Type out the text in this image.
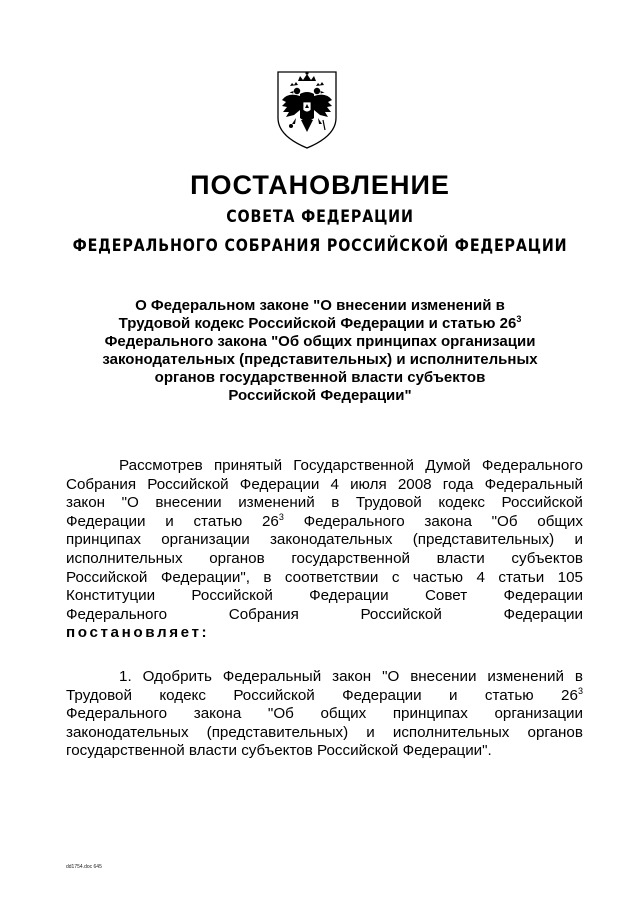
ПОСТАНОВЛЕНИЕ
СОВЕТА ФЕДЕРАЦИИ
ФЕДЕРАЛЬНОГО СОБРАНИЯ РОССИЙСКОЙ ФЕДЕРАЦИИ
О Федеральном законе "О внесении изменений в
Трудовой кодекс Российской Федерации и статью $26^3$
Федерального закона "Об общих принципах организации
законодательных (представительных) и исполнительных
органов государственной власти субъектов
Российской Федерации"
Рассмотрев принятый Государственной Думой Федерального
Собрания Российской Федерации 4 июля 2008 года Федеральный
закон "О внесении изменений в Трудовой кодекс Российской
Федерации и статью $26^3$ Федерального закона "Об общих
принципах организации законодательных (представительных) и
исполнительных органов государственной власти субъектов
Российской Федерации", в соответствии с частью 4 статьи 105
Конституции Российской Федерации Совет Федерации
Федерального	Собрания	Российской	Федерации
постановляет:
1. Одобрить Федеральный закон "О внесении изменений в
Трудовой кодекс Российской Федерации и статью $26^3$
Федерального закона "Об общих принципах организации
законодательных (представительных) и исполнительных органов
государственной власти субъектов Российской Федерации".
dd1754.doc 645
